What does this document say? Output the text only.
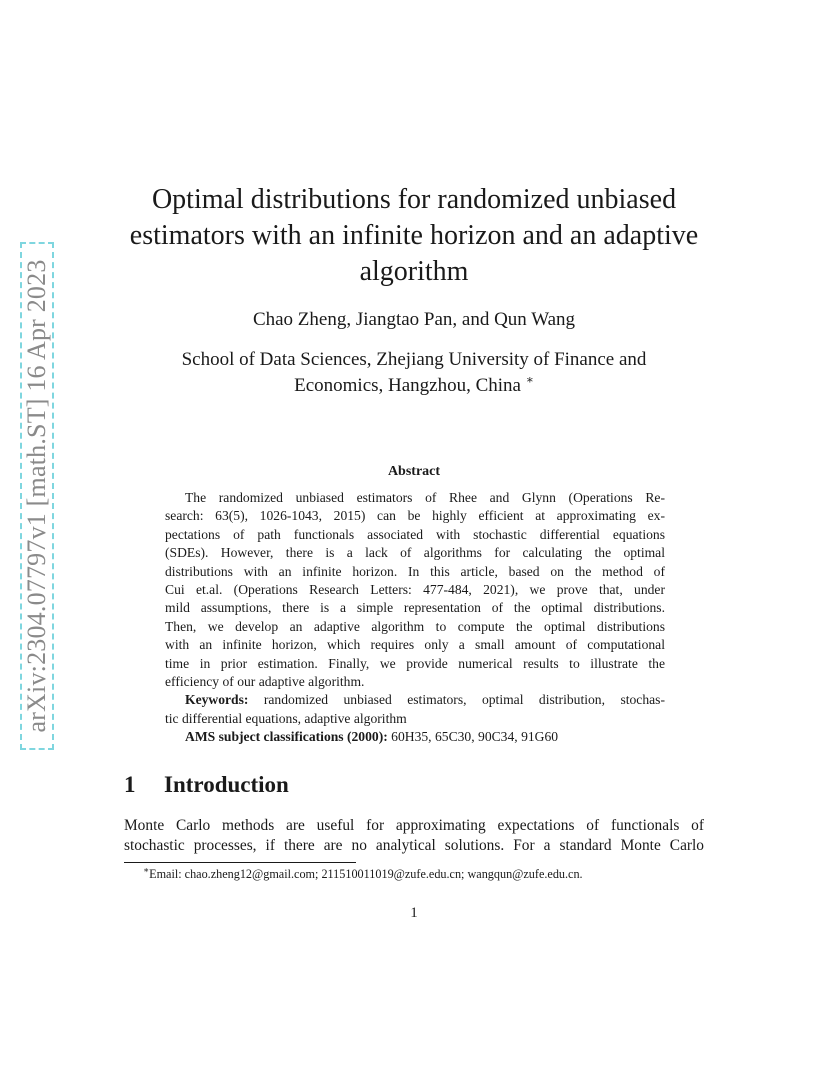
arXiv:2304.07797v1 [math.ST] 16 Apr 2023
Optimal distributions for randomized unbiased
estimators with an infinite horizon and an adaptive
algorithm
Chao Zheng, Jiangtao Pan, and Qun Wang
School of Data Sciences, Zhejiang University of Finance and
Economics, Hangzhou, China ∗
Abstract
The randomized unbiased estimators of Rhee and Glynn (Operations Re-
search: 63(5), 1026-1043, 2015) can be highly efficient at approximating ex-
pectations of path functionals associated with stochastic differential equations
(SDEs). However, there is a lack of algorithms for calculating the optimal
distributions with an infinite horizon. In this article, based on the method of
Cui et.al. (Operations Research Letters: 477-484, 2021), we prove that, under
mild assumptions, there is a simple representation of the optimal distributions.
Then, we develop an adaptive algorithm to compute the optimal distributions
with an infinite horizon, which requires only a small amount of computational
time in prior estimation. Finally, we provide numerical results to illustrate the
efficiency of our adaptive algorithm.
Keywords: randomized unbiased estimators, optimal distribution, stochas-
tic differential equations, adaptive algorithm
AMS subject classifications (2000): 60H35, 65C30, 90C34, 91G60
1 Introduction
Monte Carlo methods are useful for approximating expectations of functionals of
stochastic processes, if there are no analytical solutions. For a standard Monte Carlo
∗Email: chao.zheng12@gmail.com; 211510011019@zufe.edu.cn; wangqun@zufe.edu.cn.
1
